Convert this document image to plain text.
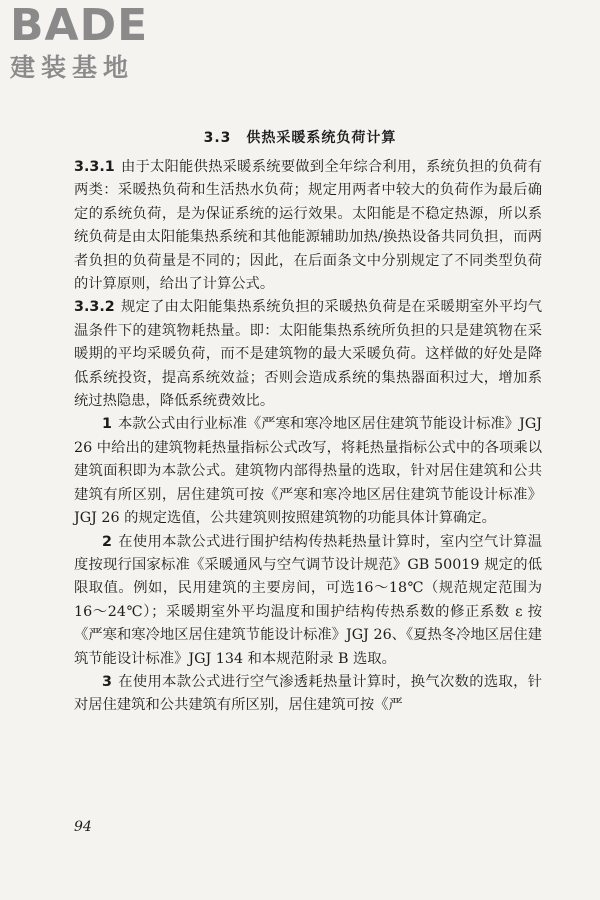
BADE
建装基地
3.3　供热采暖系统负荷计算

3.3.1 由于太阳能供热采暖系统要做到全年综合利用，系统负担的负荷有两类：采暖热负荷和生活热水负荷；规定用两者中较大的负荷作为最后确定的系统负荷，是为保证系统的运行效果。太阳能是不稳定热源，所以系统负荷是由太阳能集热系统和其他能源辅助加热/换热设备共同负担，而两者负担的负荷量是不同的；因此，在后面条文中分别规定了不同类型负荷的计算原则，给出了计算公式。

3.3.2 规定了由太阳能集热系统负担的采暖热负荷是在采暖期室外平均气温条件下的建筑物耗热量。即：太阳能集热系统所负担的只是建筑物在采暖期的平均采暖负荷，而不是建筑物的最大采暖负荷。这样做的好处是降低系统投资，提高系统效益；否则会造成系统的集热器面积过大，增加系统过热隐患，降低系统费效比。

1 本款公式由行业标准《严寒和寒冷地区居住建筑节能设计标准》JGJ 26 中给出的建筑物耗热量指标公式改写，将耗热量指标公式中的各项乘以建筑面积即为本款公式。建筑物内部得热量的选取，针对居住建筑和公共建筑有所区别，居住建筑可按《严寒和寒冷地区居住建筑节能设计标准》JGJ 26 的规定选值，公共建筑则按照建筑物的功能具体计算确定。

2 在使用本款公式进行围护结构传热耗热量计算时，室内空气计算温度按现行国家标准《采暖通风与空气调节设计规范》GB 50019 规定的低限取值。例如，民用建筑的主要房间，可选16～18℃（规范规定范围为 16～24℃）；采暖期室外平均温度和围护结构传热系数的修正系数 ε 按《严寒和寒冷地区居住建筑节能设计标准》JGJ 26、《夏热冬冷地区居住建筑节能设计标准》JGJ 134 和本规范附录 B 选取。

3 在使用本款公式进行空气渗透耗热量计算时，换气次数的选取，针对居住建筑和公共建筑有所区别，居住建筑可按《严

94
